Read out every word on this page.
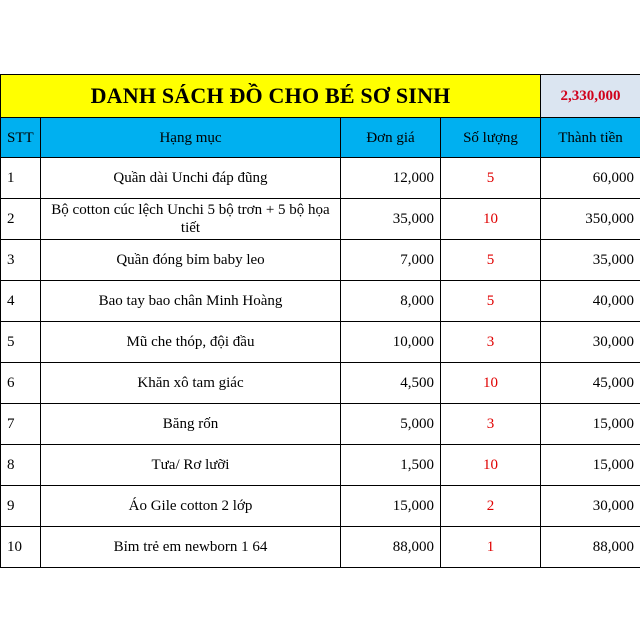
DANH SÁCH ĐỒ CHO BÉ SƠ SINH				2,330,000
STT	Hạng mục	Đơn giá	Số lượng	Thành tiền
1	Quần dài Unchi đáp đũng	12,000	5	60,000
2	Bộ cotton cúc lệch Unchi 5 bộ trơn + 5 bộ họa tiết	35,000	10	350,000
3	Quần đóng bỉm baby leo	7,000	5	35,000
4	Bao tay bao chân Minh Hoàng	8,000	5	40,000
5	Mũ che thóp, đội đầu	10,000	3	30,000
6	Khăn xô tam giác	4,500	10	45,000
7	Băng rốn	5,000	3	15,000
8	Tưa/ Rơ lưỡi	1,500	10	15,000
9	Áo Gile cotton 2 lớp	15,000	2	30,000
10	Bỉm trẻ em newborn 1 64	88,000	1	88,000
